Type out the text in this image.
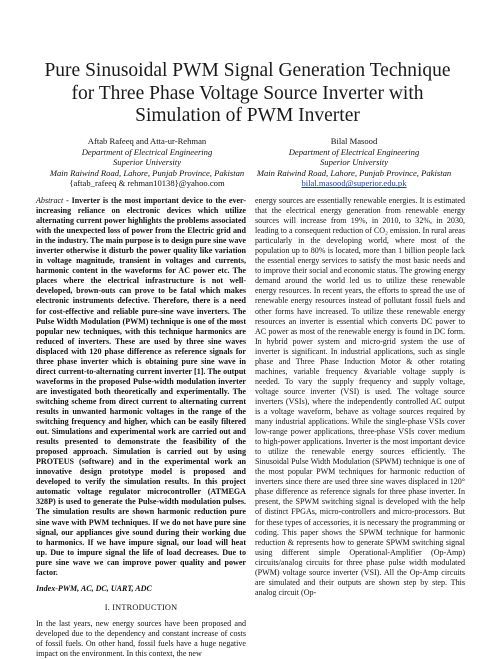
Pure Sinusoidal PWM Signal Generation Technique
for Three Phase Voltage Source Inverter with
Simulation of PWM Inverter
Aftab Rafeeq and Atta-ur-Rehman
Department of Electrical Engineering
Superior University
Main Raiwind Road, Lahore, Punjab Province, Pakistan
{aftab_rafeeq & rehman10138}@yahoo.com
Bilal Masood
Department of Electrical Engineering
Superior University
Main Raiwind Road, Lahore, Punjab Province, Pakistan
bilal.masood@superior.edu.pk

Abstract - Inverter is the most important device to the ever-increasing reliance on electronic devices which utilize alternating current power highlights the problems associated with the unexpected loss of power from the Electric grid and in the industry. The main purpose is to design pure sine wave inverter otherwise it disturb the power quality like variation in voltage magnitude, transient in voltages and currents, harmonic content in the waveforms for AC power etc. The places where the electrical infrastructure is not well-developed, brown-outs can prove to be fatal which makes electronic instruments defective. Therefore, there is a need for cost-effective and reliable pure-sine wave inverters. The Pulse Width Modulation (PWM) technique is one of the most popular new techniques, with this technique harmonics are reduced of inverters. These are used by three sine waves displaced with 120 phase difference as reference signals for three phase inverter which is obtaining pure sine wave in direct current-to-alternating current inverter [1]. The output waveforms in the proposed Pulse-width modulation inverter are investigated both theoretically and experimentally. The switching scheme from direct current to alternating current results in unwanted harmonic voltages in the range of the switching frequency and higher, which can be easily filtered out. Simulations and experimental work are carried out and results presented to demonstrate the feasibility of the proposed approach. Simulation is carried out by using PROTEUS (software) and in the experimental work an innovative design prototype model is proposed and developed to verify the simulation results. In this project automatic voltage regulator microcontroller (ATMEGA 328P) is used to generate the Pulse-width modulation pulses. The simulation results are shown harmonic reduction pure sine wave with PWM techniques. If we do not have pure sine signal, our appliances give sound during their working due to harmonics. If we have impure signal, our load will heat up. Due to impure signal the life of load decreases. Due to pure sine wave we can improve power quality and power factor.

Index-PWM, AC, DC, UART, ADC

I. INTRODUCTION

In the last years, new energy sources have been proposed and developed due to the dependency and constant increase of costs of fossil fuels. On other hand, fossil fuels have a huge negative impact on the environment. In this context, the new

energy sources are essentially renewable energies. It is estimated that the electrical energy generation from renewable energy sources will increase from 19%, in 2010, to 32%, in 2030, leading to a consequent reduction of CO₂ emission. In rural areas particularly in the developing world, where most of the population up to 80% is located, more than 1 billion people lack the essential energy services to satisfy the most basic needs and to improve their social and economic status. The growing energy demand around the world led us to utilize these renewable energy resources. In recent years, the efforts to spread the use of renewable energy resources instead of pollutant fossil fuels and other forms have increased. To utilize these renewable energy resources an inverter is essential which converts DC power to AC power as most of the renewable energy is found in DC form. In hybrid power system and micro-grid system the use of inverter is significant. In industrial applications, such as single phase and Three Phase Induction Motor & other rotating machines, variable frequency &variable voltage supply is needed. To vary the supply frequency and supply voltage, voltage source inverter (VSI) is used. The voltage source inverters (VSIs), where the independently controlled AC output is a voltage waveform, behave as voltage sources required by many industrial applications. While the single-phase VSIs cover low-range power applications, three-phase VSIs cover medium to high-power applications. Inverter is the most important device to utilize the renewable energy sources efficiently. The Sinusoidal Pulse Width Modulation (SPWM) technique is one of the most popular PWM techniques for harmonic reduction of inverters since there are used three sine waves displaced in 120° phase difference as reference signals for three phase inverter. In present, the SPWM switching signal is developed with the help of distinct FPGAs, micro-controllers and micro-processors. But for these types of accessories, it is necessary the programming or coding. This paper shows the SPWM technique for harmonic reduction & represents how to generate SPWM switching signal using different simple Operational-Amplifier (Op-Amp) circuits/analog circuits for three phase pulse width modulated (PWM) voltage source inverter (VSI). All the Op-Amp circuits are simulated and their outputs are shown step by step. This analog circuit (Op-
